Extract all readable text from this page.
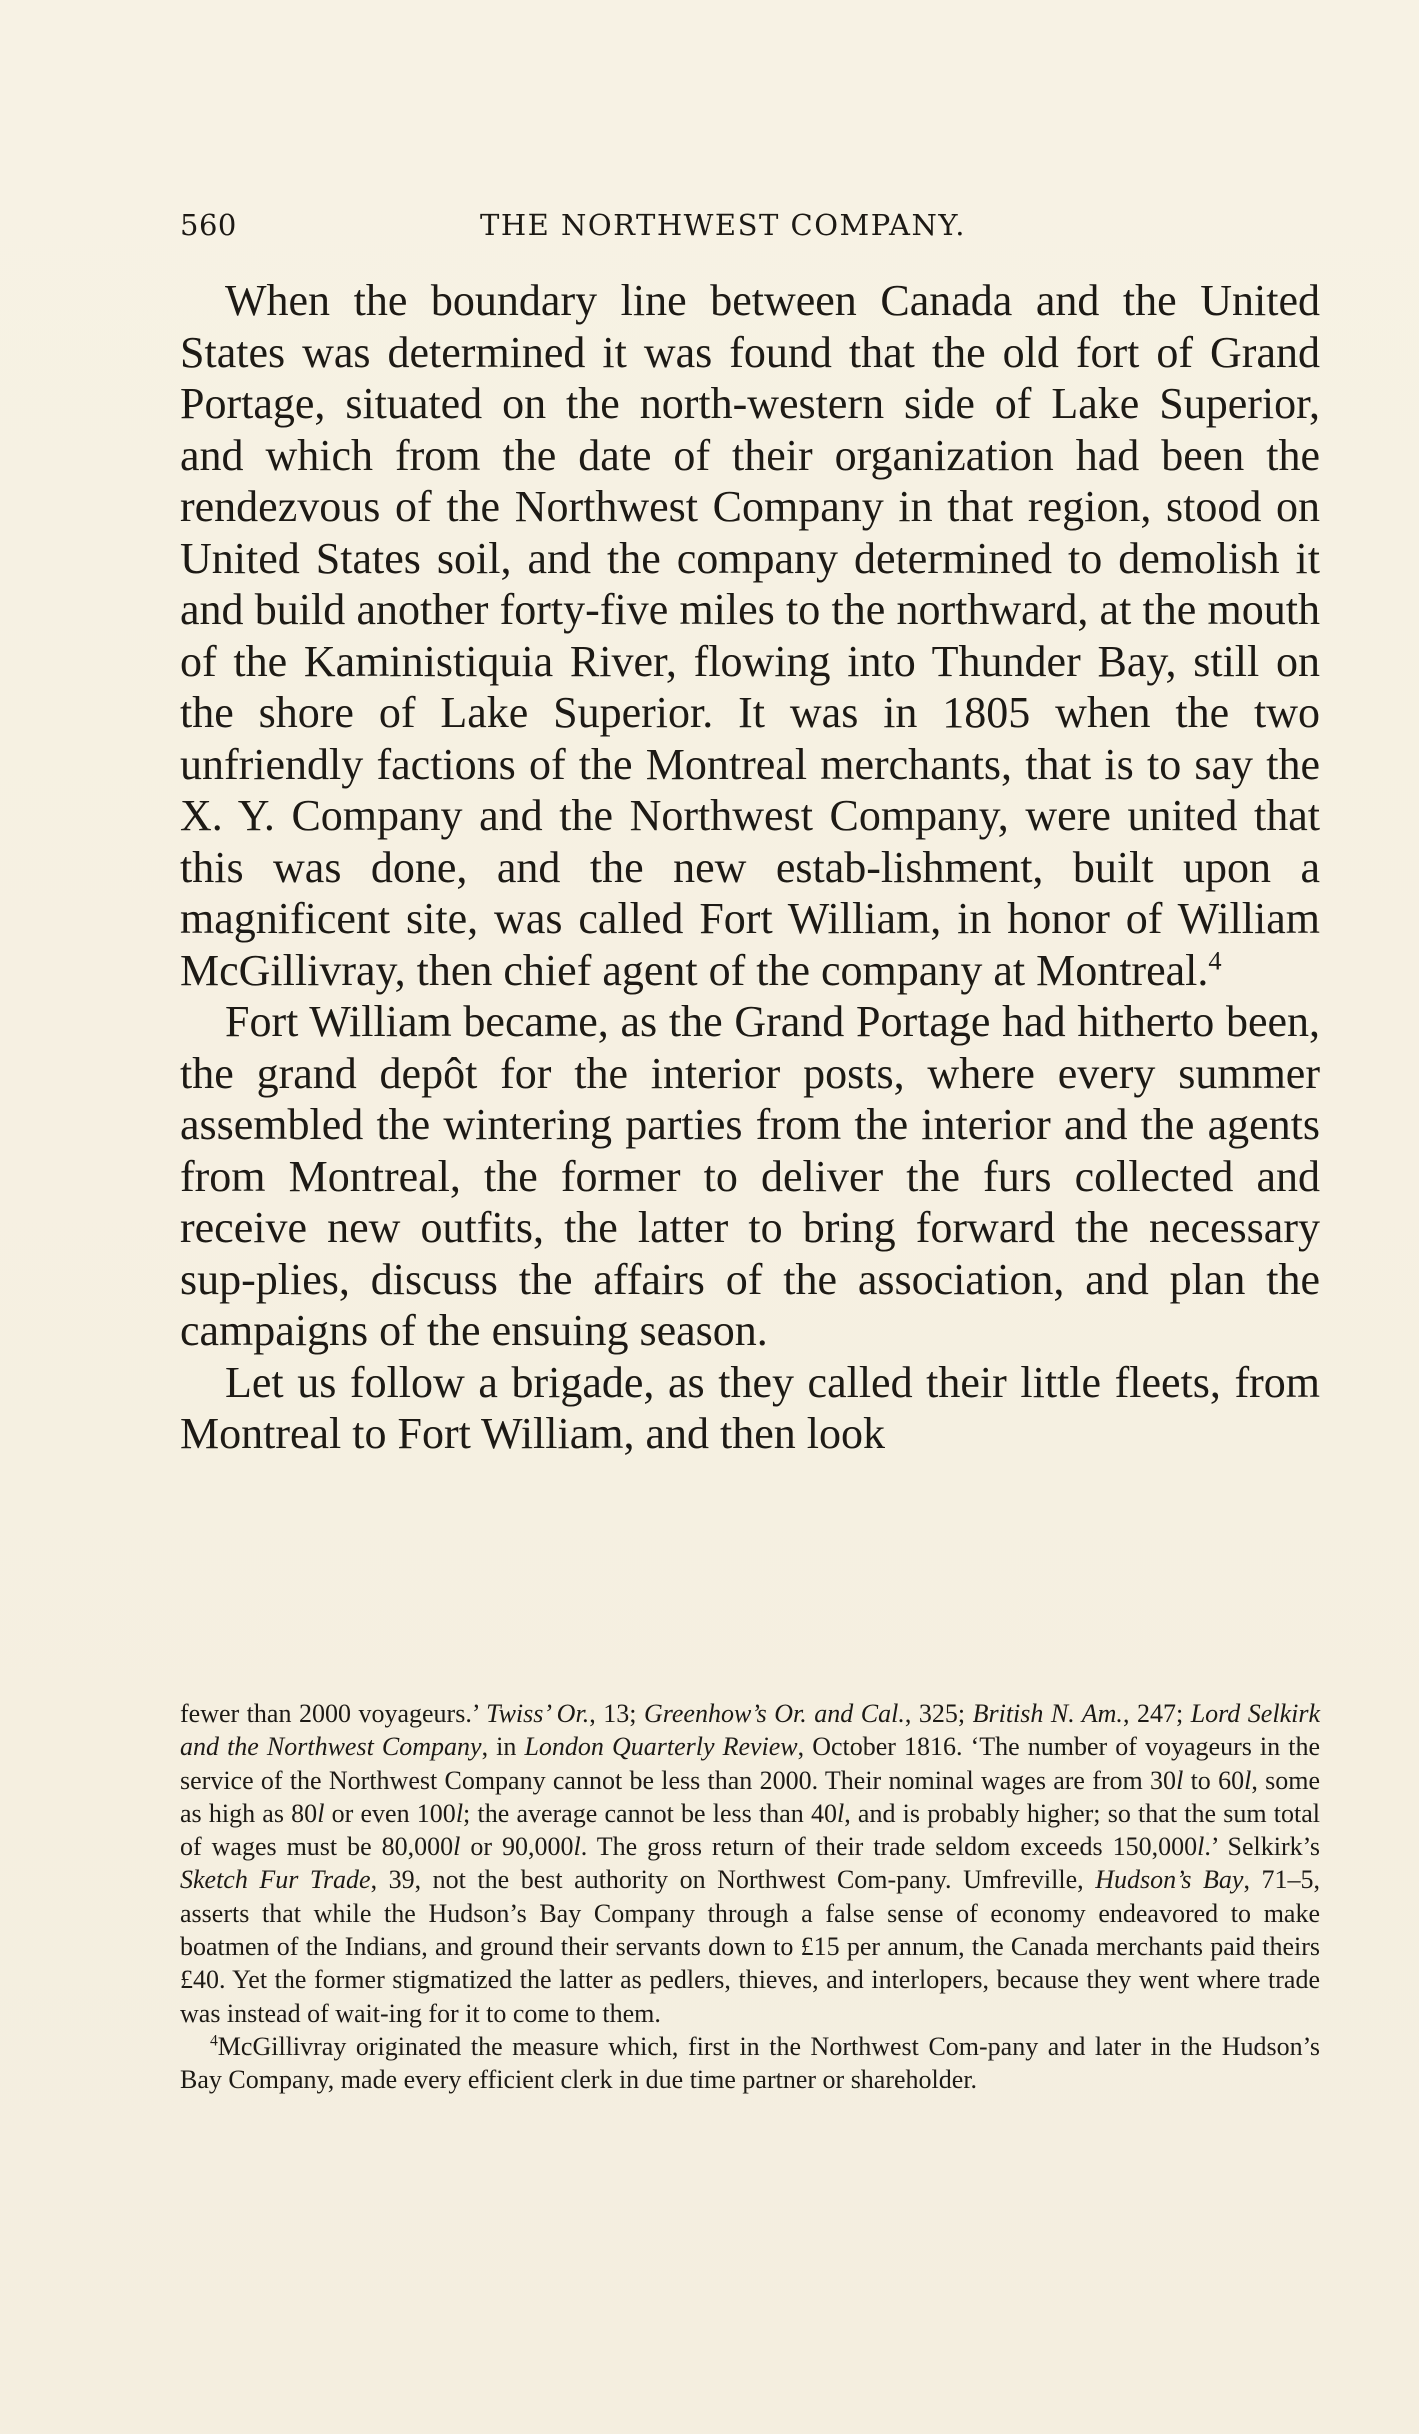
560	THE NORTHWEST COMPANY.

When the boundary line between Canada and the United States was determined it was found that the old fort of Grand Portage, situated on the north-western side of Lake Superior, and which from the date of their organization had been the rendezvous of the Northwest Company in that region, stood on United States soil, and the company determined to demolish it and build another forty-five miles to the northward, at the mouth of the Kaministiquia River, flowing into Thunder Bay, still on the shore of Lake Superior. It was in 1805 when the two unfriendly factions of the Montreal merchants, that is to say the X. Y. Company and the Northwest Company, were united that this was done, and the new estab-lishment, built upon a magnificent site, was called Fort William, in honor of William McGillivray, then chief agent of the company at Montreal.$^4$

Fort William became, as the Grand Portage had hitherto been, the grand depôt for the interior posts, where every summer assembled the wintering parties from the interior and the agents from Montreal, the former to deliver the furs collected and receive new outfits, the latter to bring forward the necessary sup-plies, discuss the affairs of the association, and plan the campaigns of the ensuing season.

Let us follow a brigade, as they called their little fleets, from Montreal to Fort William, and then look

fewer than 2000 voyageurs.’ Twiss’ Or., 13; Greenhow’s Or. and Cal., 325; British N. Am., 247; Lord Selkirk and the Northwest Company, in London Quarterly Review, October 1816. ‘The number of voyageurs in the service of the Northwest Company cannot be less than 2000. Their nominal wages are from 30l to 60l, some as high as 80l or even 100l; the average cannot be less than 40l, and is probably higher; so that the sum total of wages must be 80,000l or 90,000l. The gross return of their trade seldom exceeds 150,000l.’ Selkirk’s Sketch Fur Trade, 39, not the best authority on Northwest Com-pany. Umfreville, Hudson’s Bay, 71–5, asserts that while the Hudson’s Bay Company through a false sense of economy endeavored to make boatmen of the Indians, and ground their servants down to £15 per annum, the Canada merchants paid theirs £40. Yet the former stigmatized the latter as pedlers, thieves, and interlopers, because they went where trade was instead of wait-ing for it to come to them.

$^4$McGillivray originated the measure which, first in the Northwest Com-pany and later in the Hudson’s Bay Company, made every efficient clerk in due time partner or shareholder.
